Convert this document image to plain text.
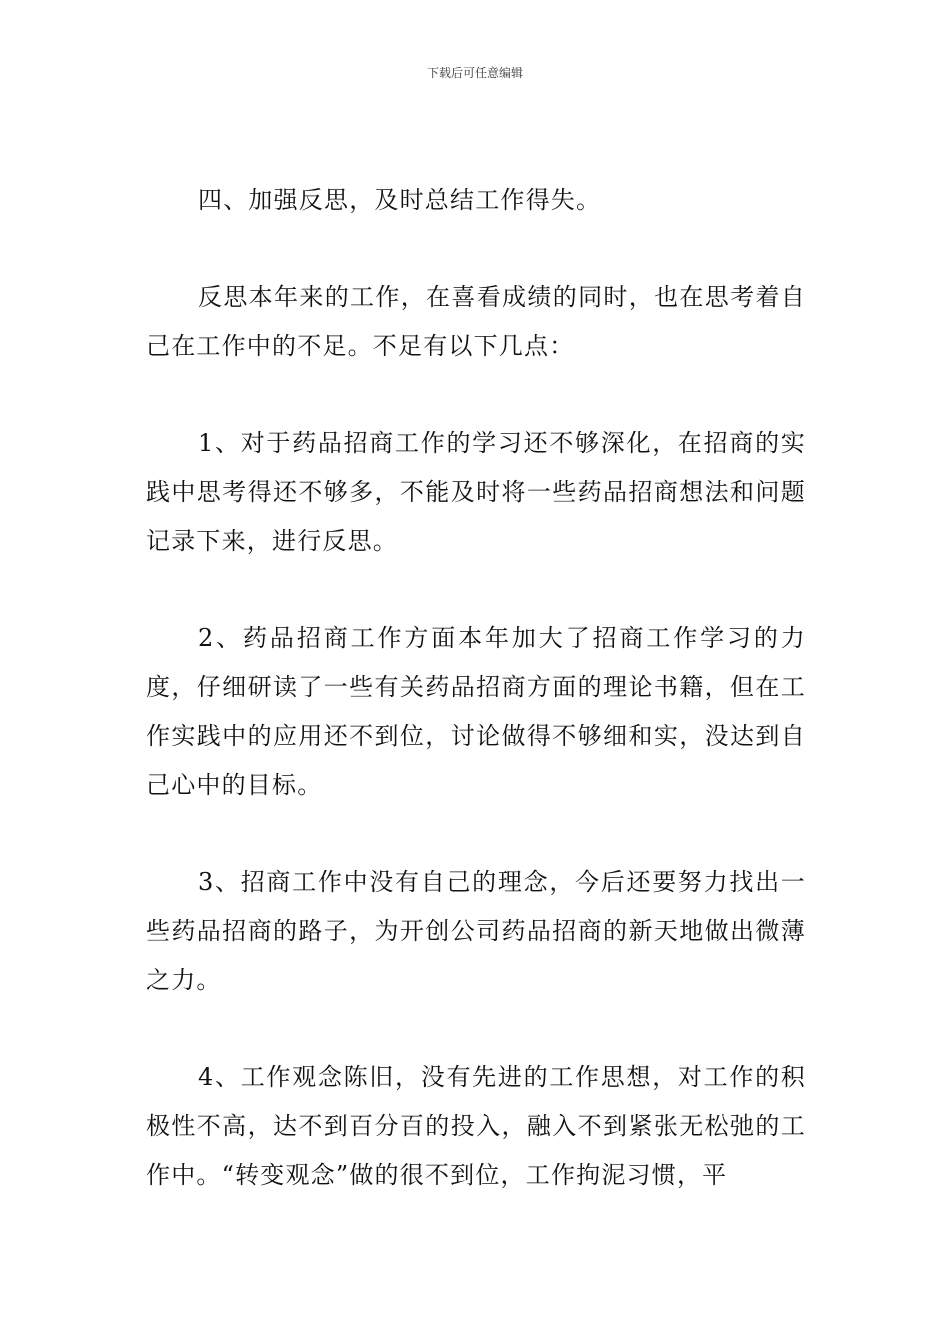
下载后可任意编辑

四、加强反思，及时总结工作得失。

反思本年来的工作，在喜看成绩的同时，也在思考着自己在工作中的不足。不足有以下几点：

1、对于药品招商工作的学习还不够深化，在招商的实践中思考得还不够多，不能及时将一些药品招商想法和问题记录下来，进行反思。

2、药品招商工作方面本年加大了招商工作学习的力度，仔细研读了一些有关药品招商方面的理论书籍，但在工作实践中的应用还不到位，讨论做得不够细和实，没达到自己心中的目标。

3、招商工作中没有自己的理念，今后还要努力找出一些药品招商的路子，为开创公司药品招商的新天地做出微薄之力。

4、工作观念陈旧，没有先进的工作思想，对工作的积极性不高，达不到百分百的投入，融入不到紧张无松弛的工作中。“转变观念”做的很不到位，工作拘泥习惯，平
